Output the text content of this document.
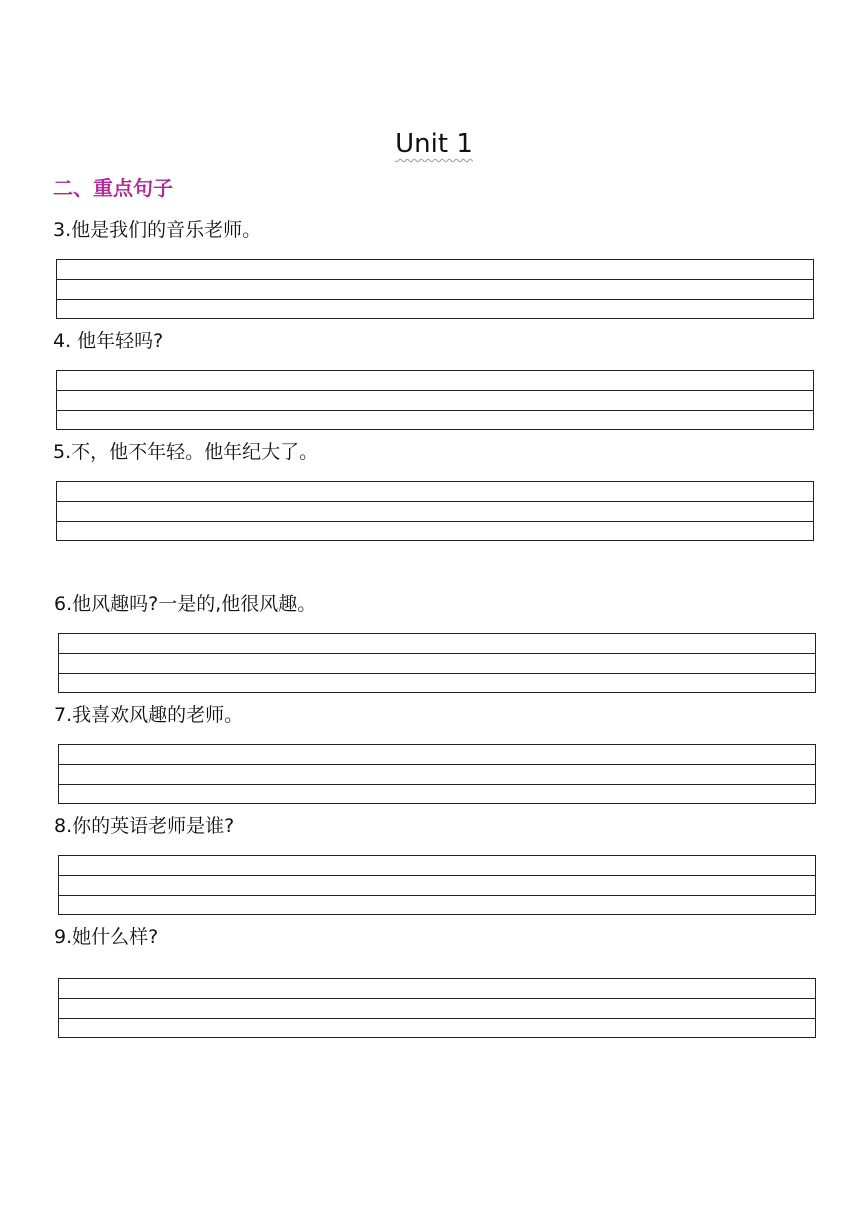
Unit 1
二、重点句子
3.他是我们的音乐老师。
4. 他年轻吗?
5.不，他不年轻。他年纪大了。
6.他风趣吗?一是的,他很风趣。
7.我喜欢风趣的老师。
8.你的英语老师是谁?
9.她什么样?
